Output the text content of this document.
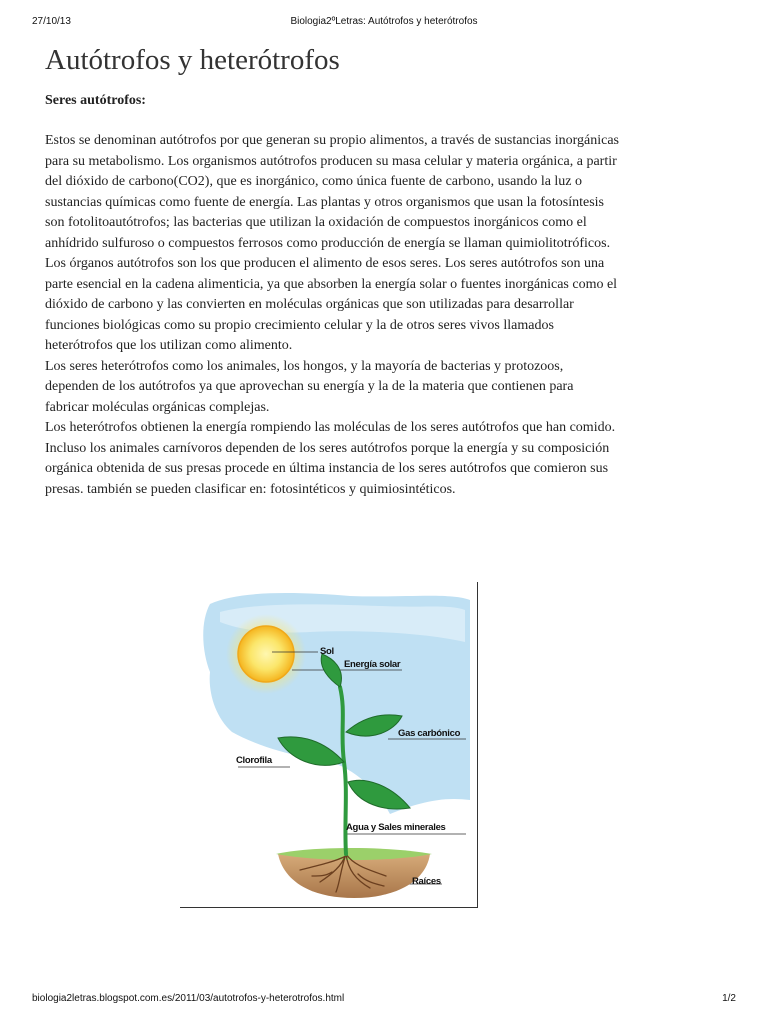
27/10/13	Biologia2ºLetras: Autótrofos y heterótrofos
Autótrofos y heterótrofos
Seres autótrofos:

Estos se denominan autótrofos por que generan su propio alimentos, a través de sustancias inorgánicas para su metabolismo. Los organismos autótrofos producen su masa celular y materia orgánica, a partir del dióxido de carbono(CO2), que es inorgánico, como única fuente de carbono, usando la luz o sustancias químicas como fuente de energía. Las plantas y otros organismos que usan la fotosíntesis son fotolitoautótrofos; las bacterias que utilizan la oxidación de compuestos inorgánicos como el anhídrido sulfuroso o compuestos ferrosos como producción de energía se llaman quimiolitotróficos.

Los órganos autótrofos son los que producen el alimento de esos seres. Los seres autótrofos son una parte esencial en la cadena alimenticia, ya que absorben la energía solar o fuentes inorgánicas como el dióxido de carbono y las convierten en moléculas orgánicas que son utilizadas para desarrollar funciones biológicas como su propio crecimiento celular y la de otros seres vivos llamados heterótrofos que los utilizan como alimento.

Los seres heterótrofos como los animales, los hongos, y la mayoría de bacterias y protozoos, dependen de los autótrofos ya que aprovechan su energía y la de la materia que contienen para fabricar moléculas orgánicas complejas.

Los heterótrofos obtienen la energía rompiendo las moléculas de los seres autótrofos que han comido. Incluso los animales carnívoros dependen de los seres autótrofos porque la energía y su composición orgánica obtenida de sus presas procede en última instancia de los seres autótrofos que comieron sus presas. también se pueden clasificar en: fotosintéticos y quimiosintéticos.

Sol
Energía solar
Gas carbónico
Clorofila
Agua y Sales minerales
Raíces
biologia2letras.blogspot.com.es/2011/03/autotrofos-y-heterotrofos.html	1/2
